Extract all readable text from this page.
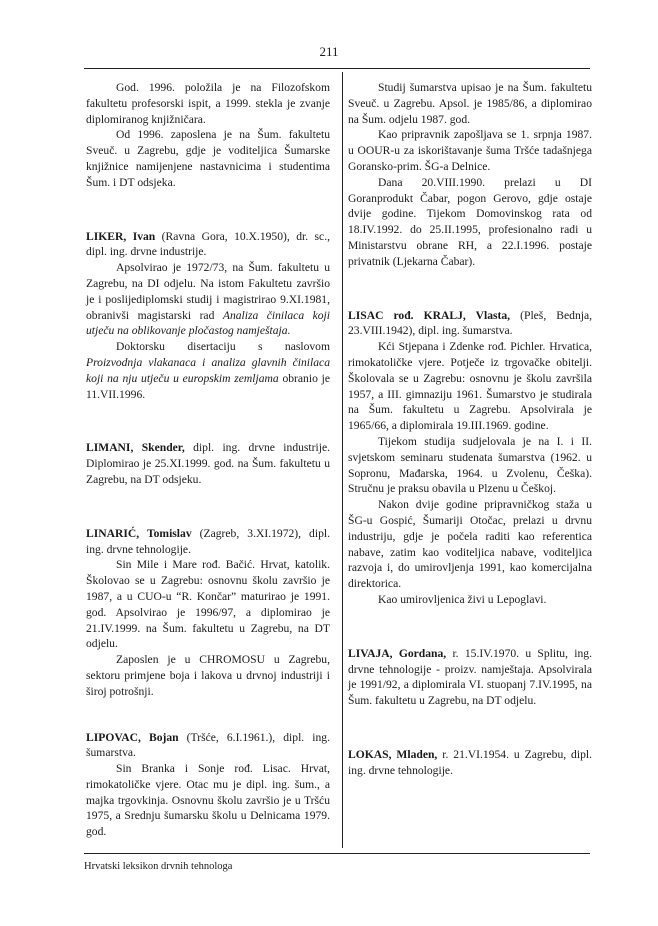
211

God. 1996. položila je na Filozofskom fakultetu profesorski ispit, a 1999. stekla je zvanje diplomiranog knjižničara.

Od 1996. zaposlena je na Šum. fakultetu Sveuč. u Zagrebu, gdje je voditeljica Šumarske knjižnice namijenjene nastavnicima i studentima Šum. i DT odsjeka.

LIKER, Ivan (Ravna Gora, 10.X.1950), dr. sc., dipl. ing. drvne industrije.

Apsolvirao je 1972/73, na Šum. fakultetu u Zagrebu, na DI odjelu. Na istom Fakultetu završio je i poslijediplomski studij i magistrirao 9.XI.1981, obranivši magistarski rad Analiza činilaca koji utječu na oblikovanje pločastog namještaja.

Doktorsku disertaciju s naslovom Proizvodnja vlakanaca i analiza glavnih činilaca koji na nju utječu u europskim zemljama obranio je 11.VII.1996.

LIMANI, Skender, dipl. ing. drvne industrije. Diplomirao je 25.XI.1999. god. na Šum. fakultetu u Zagrebu, na DT odsjeku.

LINARIĆ, Tomislav (Zagreb, 3.XI.1972), dipl. ing. drvne tehnologije.

Sin Mile i Mare rođ. Bačić. Hrvat, katolik. Školovao se u Zagrebu: osnovnu školu završio je 1987, a u CUO-u “R. Končar” maturirao je 1991. god. Apsolvirao je 1996/97, a diplomirao je 21.IV.1999. na Šum. fakultetu u Zagrebu, na DT odjelu.

Zaposlen je u CHROMOSU u Zagrebu, sektoru primjene boja i lakova u drvnoj industriji i široj potrošnji.

LIPOVAC, Bojan (Tršće, 6.I.1961.), dipl. ing. šumarstva.

Sin Branka i Sonje rođ. Lisac. Hrvat, rimokatoličke vjere. Otac mu je dipl. ing. šum., a majka trgovkinja. Osnovnu školu završio je u Tršću 1975, a Srednju šumarsku školu u Delnicama 1979. god.

Studij šumarstva upisao je na Šum. fakultetu Sveuč. u Zagrebu. Apsol. je 1985/86, a diplomirao na Šum. odjelu 1987. god.

Kao pripravnik zapošljava se 1. srpnja 1987. u OOUR-u za iskorištavanje šuma Tršće tadašnjega Goransko-prim. ŠG-a Delnice.

Dana 20.VIII.1990. prelazi u DI Goranprodukt Čabar, pogon Gerovo, gdje ostaje dvije godine. Tijekom Domovinskog rata od 18.IV.1992. do 25.II.1995, profesionalno radi u Ministarstvu obrane RH, a 22.I.1996. postaje privatnik (Ljekarna Čabar).

LISAC rođ. KRALJ, Vlasta, (Pleš, Bednja, 23.VIII.1942), dipl. ing. šumarstva.

Kći Stjepana i Zdenke rođ. Pichler. Hrvatica, rimokatoličke vjere. Potječe iz trgovačke obitelji. Školovala se u Zagrebu: osnovnu je školu završila 1957, a III. gimnaziju 1961. Šumarstvo je studirala na Šum. fakultetu u Zagrebu. Apsolvirala je 1965/66, a diplomirala 19.III.1969. godine.

Tijekom studija sudjelovala je na I. i II. svjetskom seminaru studenata šumarstva (1962. u Sopronu, Mađarska, 1964. u Zvolenu, Češka). Stručnu je praksu obavila u Plzenu u Češkoj.

Nakon dvije godine pripravničkog staža u ŠG-u Gospić, Šumariji Otočac, prelazi u drvnu industriju, gdje je počela raditi kao referentica nabave, zatim kao voditeljica nabave, voditeljica razvoja i, do umirovljenja 1991, kao komercijalna direktorica.

Kao umirovljenica živi u Lepoglavi.

LIVAJA, Gordana, r. 15.IV.1970. u Splitu, ing. drvne tehnologije - proizv. namještaja. Apsolvirala je 1991/92, a diplomirala VI. stuopanj 7.IV.1995, na Šum. fakultetu u Zagrebu, na DT odjelu.

LOKAS, Mladen, r. 21.VI.1954. u Zagrebu, dipl. ing. drvne tehnologije.

Hrvatski leksikon drvnih tehnologa
